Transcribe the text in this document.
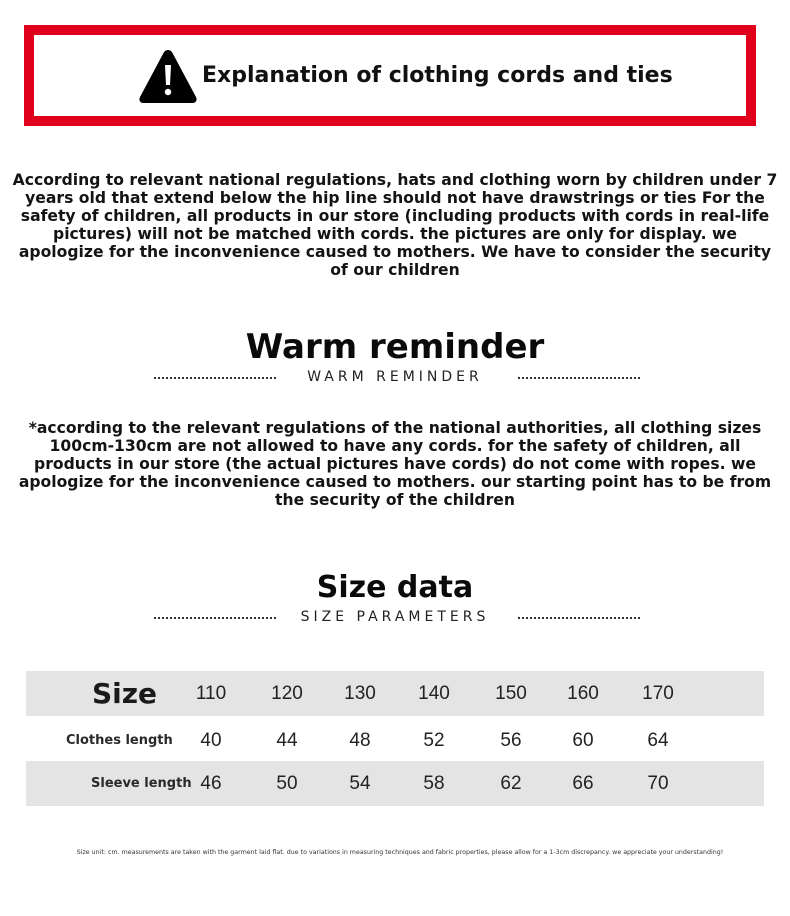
Explanation of clothing cords and ties
According to relevant national regulations, hats and clothing worn by children under 7 years old that extend below the hip line should not have drawstrings or ties For the safety of children, all products in our store (including products with cords in real-life pictures) will not be matched with cords. the pictures are only for display. we apologize for the inconvenience caused to mothers. We have to consider the security of our children
Warm reminder
WARM REMINDER
*according to the relevant regulations of the national authorities, all clothing sizes 100cm-130cm are not allowed to have any cords. for the safety of children, all products in our store (the actual pictures have cords) do not come with ropes. we apologize for the inconvenience caused to mothers. our starting point has to be from the security of the children
Size data
SIZE PARAMETERS
Size	110	120	130	140	150	160	170
Clothes length	40	44	48	52	56	60	64
Sleeve length 46	50	54	58	62	66	70
Size unit: cm. measurements are taken with the garment laid flat. due to variations in measuring techniques and fabric properties, please allow for a 1-3cm discrepancy. we appreciate your understanding!
